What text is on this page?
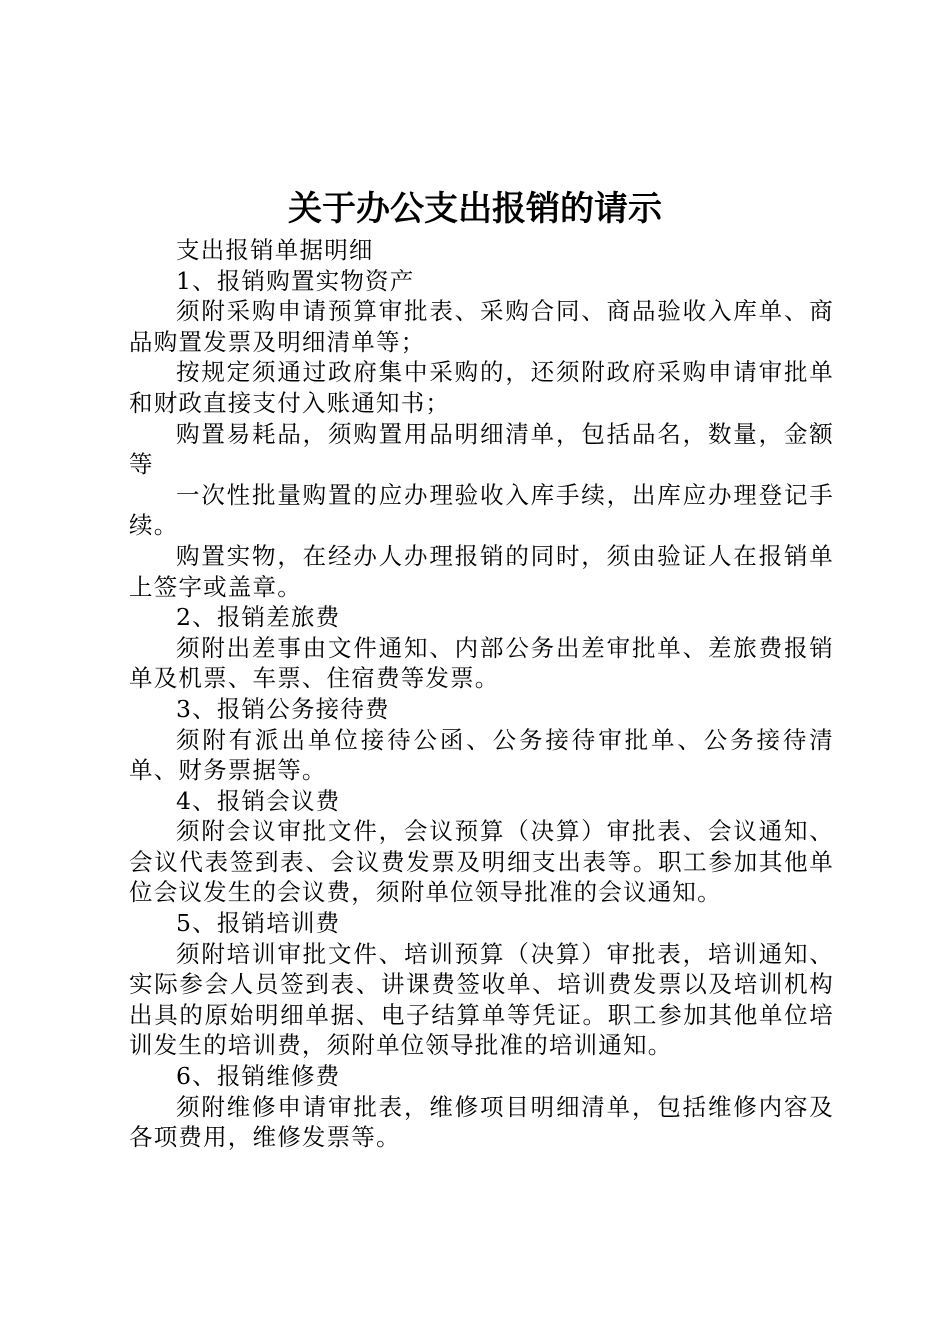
关于办公支出报销的请示

支出报销单据明细

1、报销购置实物资产

须附采购申请预算审批表、采购合同、商品验收入库单、商品购置发票及明细清单等；

按规定须通过政府集中采购的，还须附政府采购申请审批单和财政直接支付入账通知书；

购置易耗品，须购置用品明细清单，包括品名，数量，金额等

一次性批量购置的应办理验收入库手续，出库应办理登记手续。

购置实物，在经办人办理报销的同时，须由验证人在报销单上签字或盖章。

2、报销差旅费

须附出差事由文件通知、内部公务出差审批单、差旅费报销单及机票、车票、住宿费等发票。

3、报销公务接待费

须附有派出单位接待公函、公务接待审批单、公务接待清单、财务票据等。

4、报销会议费

须附会议审批文件，会议预算（决算）审批表、会议通知、会议代表签到表、会议费发票及明细支出表等。职工参加其他单位会议发生的会议费，须附单位领导批准的会议通知。

5、报销培训费

须附培训审批文件、培训预算（决算）审批表，培训通知、实际参会人员签到表、讲课费签收单、培训费发票以及培训机构出具的原始明细单据、电子结算单等凭证。职工参加其他单位培训发生的培训费，须附单位领导批准的培训通知。

6、报销维修费

须附维修申请审批表，维修项目明细清单，包括维修内容及各项费用，维修发票等。
